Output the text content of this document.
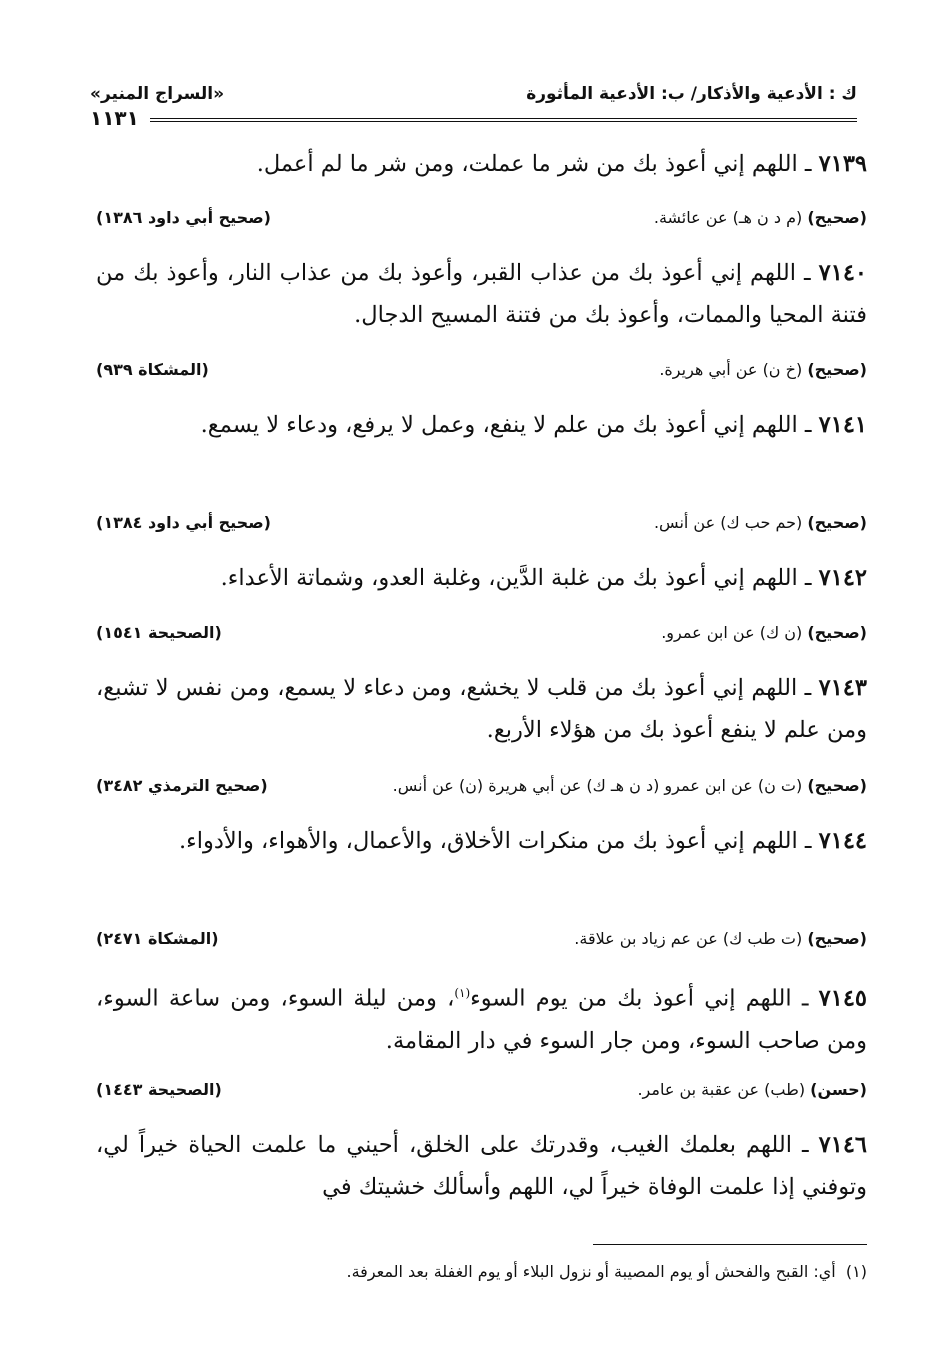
ك : الأدعية والأذكار/ ب: الأدعية المأثورة
«السراج المنير»
١١٣١

٧١٣٩ ـ اللهم إني أعوذ بك من شر ما عملت، ومن شر ما لم أعمل.

(صحيح) (م د ن هـ) عن عائشة.
(صحيح أبي داود ١٣٨٦)

٧١٤٠ ـ اللهم إني أعوذ بك من عذاب القبر، وأعوذ بك من عذاب النار، وأعوذ بك من فتنة المحيا والممات، وأعوذ بك من فتنة المسيح الدجال.

(صحيح) (خ ن) عن أبي هريرة.
(المشكاة ٩٣٩)

٧١٤١ ـ اللهم إني أعوذ بك من علم لا ينفع، وعمل لا يرفع، ودعاء لا يسمع.

(صحيح) (حم حب ك) عن أنس.
(صحيح أبي داود ١٣٨٤)

٧١٤٢ ـ اللهم إني أعوذ بك من غلبة الدَّين، وغلبة العدو، وشماتة الأعداء.

(صحيح) (ن ك) عن ابن عمرو.
(الصحيحة ١٥٤١)

٧١٤٣ ـ اللهم إني أعوذ بك من قلب لا يخشع، ومن دعاء لا يسمع، ومن نفس لا تشبع، ومن علم لا ينفع أعوذ بك من هؤلاء الأربع.

(صحيح) (ت ن) عن ابن عمرو (د ن هـ ك) عن أبي هريرة (ن) عن أنس.
(صحيح الترمذي ٣٤٨٢)

٧١٤٤ ـ اللهم إني أعوذ بك من منكرات الأخلاق، والأعمال، والأهواء، والأدواء.

(صحيح) (ت طب ك) عن عم زياد بن علاقة.
(المشكاة ٢٤٧١)

٧١٤٥ ـ اللهم إني أعوذ بك من يوم السوء$^{(١)}$، ومن ليلة السوء، ومن ساعة السوء، ومن صاحب السوء، ومن جار السوء في دار المقامة.

(حسن) (طب) عن عقبة بن عامر.
(الصحيحة ١٤٤٣)

٧١٤٦ ـ اللهم بعلمك الغيب، وقدرتك على الخلق، أحيني ما علمت الحياة خيراً لي، وتوفني إذا علمت الوفاة خيراً لي، اللهم وأسألك خشيتك في

(١)  أي: القبح والفحش أو يوم المصيبة أو نزول البلاء أو يوم الغفلة بعد المعرفة.
